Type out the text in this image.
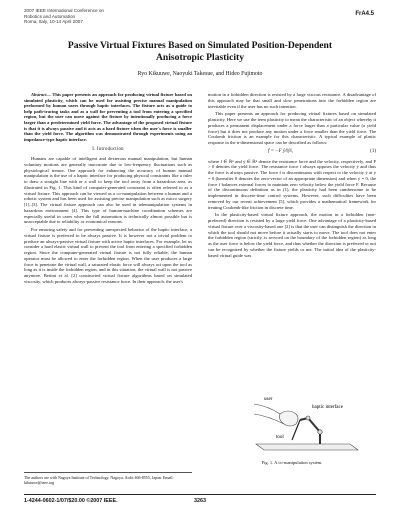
2007 IEEE International Conference on
Robotics and Automation
Roma, Italy, 10-14 April 2007
FrA4.5
Passive Virtual Fixtures Based on Simulated Position-Dependent
Anisotropic Plasticity
Ryo Kikuuwe, Naoyuki Takesue, and Hideo Fujimoto

Abstract— This paper presents an approach for producing virtual fixture based on simulated plasticity, which can be used for assisting precise manual manipulation performed by human users through haptic interfaces. The fixture acts as a guide to help path-tracing tasks and as a wall for preventing a tool from entering a specified region, but the user can move against the fixture by intentionally producing a force larger than a predetermined yield force. The advantage of the proposed virtual fixture is that it is always passive and it acts as a hard fixture when the user's force is smaller than the yield force. The algorithm was demonstrated through experiments using an impedance-type haptic interface.

I. Introduction

Humans are capable of intelligent and dexterous manual manipulation, but human voluntary motions are generally inaccurate due to low-frequency fluctuations such as physiological tremor. One approach for enhancing the accuracy of human manual manipulation is the use of a haptic interface for producing physical constraints like a ruler to draw a straight line with or a wall to keep the tool away from a hazardous area, as illustrated in Fig. 1. This kind of computer-generated constraint is often referred to as a virtual fixture. This approach can be viewed as a co-manipulation between a human and a robotic system and has been used for assisting precise manipulation such as micro surgery [1]–[3]. The virtual fixture approach can also be used in telemanipulation systems in hazardous environment [4]. This type of human-machine coordination schemes are especially useful in cases when the full automation is technically almost possible but is unacceptable due to reliability or economical reasons.

For ensuring safety and for preventing unexpected behavior of the haptic interface, a virtual fixture is preferred to be always passive. It is however not a trivial problem to produce an always-passive virtual fixture with active haptic interfaces. For example, let us consider a hard elastic virtual wall to prevent the tool from entering a specified forbidden region. Since the computer-generated virtual fixture is not fully reliable, the human operator must be allowed to enter the forbidden region. When the user produces a large force to penetrate the virtual wall, a saturated elastic force will always act upon the tool as long as it is inside the forbidden region, and in this situation, the virtual wall is not passive anymore. Bettini et al. [2] constructed virtual fixture algorithms based on simulated viscosity, which produces always-passive resistance force. In their approach, the user's

The authors are with Nagoya Institute of Technology, Nagoya, Aichi 466-8555, Japan. Email: kikuuwe@ieee.org

motion in a forbidden direction is resisted by a large viscous resistance. A disadvantage of this approach may be that small and slow penetrations into the forbidden region are inevitable even if the user has no such intention.

This paper presents an approach for producing virtual fixtures based on simulated plasticity. Here we use the term plasticity to mean the characteristic of an object whereby it produces a permanent displacement under a force larger than a particular value (a yield force) but it does not produce any motion under a force smaller than the yield force. The Coulomb friction is an example for this characteristic. A typical example of plastic response in the n-dimensional space can be described as follows:

f = −F ŷ/‖ŷ‖,	(1)

where f ∈ ℝⁿ and ẏ ∈ ℝⁿ denote the resistance force and the velocity, respectively, and F > 0 denotes the yield force. The resistance force f always opposes the velocity ẏ and thus the force is always passive. The force f is discontinuous with respect to the velocity ẏ at ẏ = 0 (hereafter 0 denotes the zero-vector of an appropriate dimension) and when ẏ = 0, the force f balances external forces to maintain zero velocity below the yield force F. Because of the discontinuous definition as in (1), the plasticity had been cumbersome to be implemented in discrete-time control systems. However, such difficulties have been removed by our recent achievement [5], which provides a mathematical framework for treating Coulomb-like friction in discrete time.

In the plasticity-based virtual fixture approach, the motion in a forbidden (non-preferred) direction is resisted by a large yield force. One advantage of a plasticity-based virtual fixture over a viscosity-based one [2] is that the user can distinguish the direction in which the tool should not move before it actually starts to move. The tool does not enter the forbidden region (strictly, is servoed on the boundary of the forbidden region) as long as the user force is below the yield force, and thus whether the direction is preferred or not can be recognized by whether the fixture yields or not. The initial idea of the plasticity-based virtual guide was

user
tool
haptic interface
Fig. 1. A co-manipulation system.
1-4244-0602-1/07/$20.00 ©2007 IEEE.	3263
